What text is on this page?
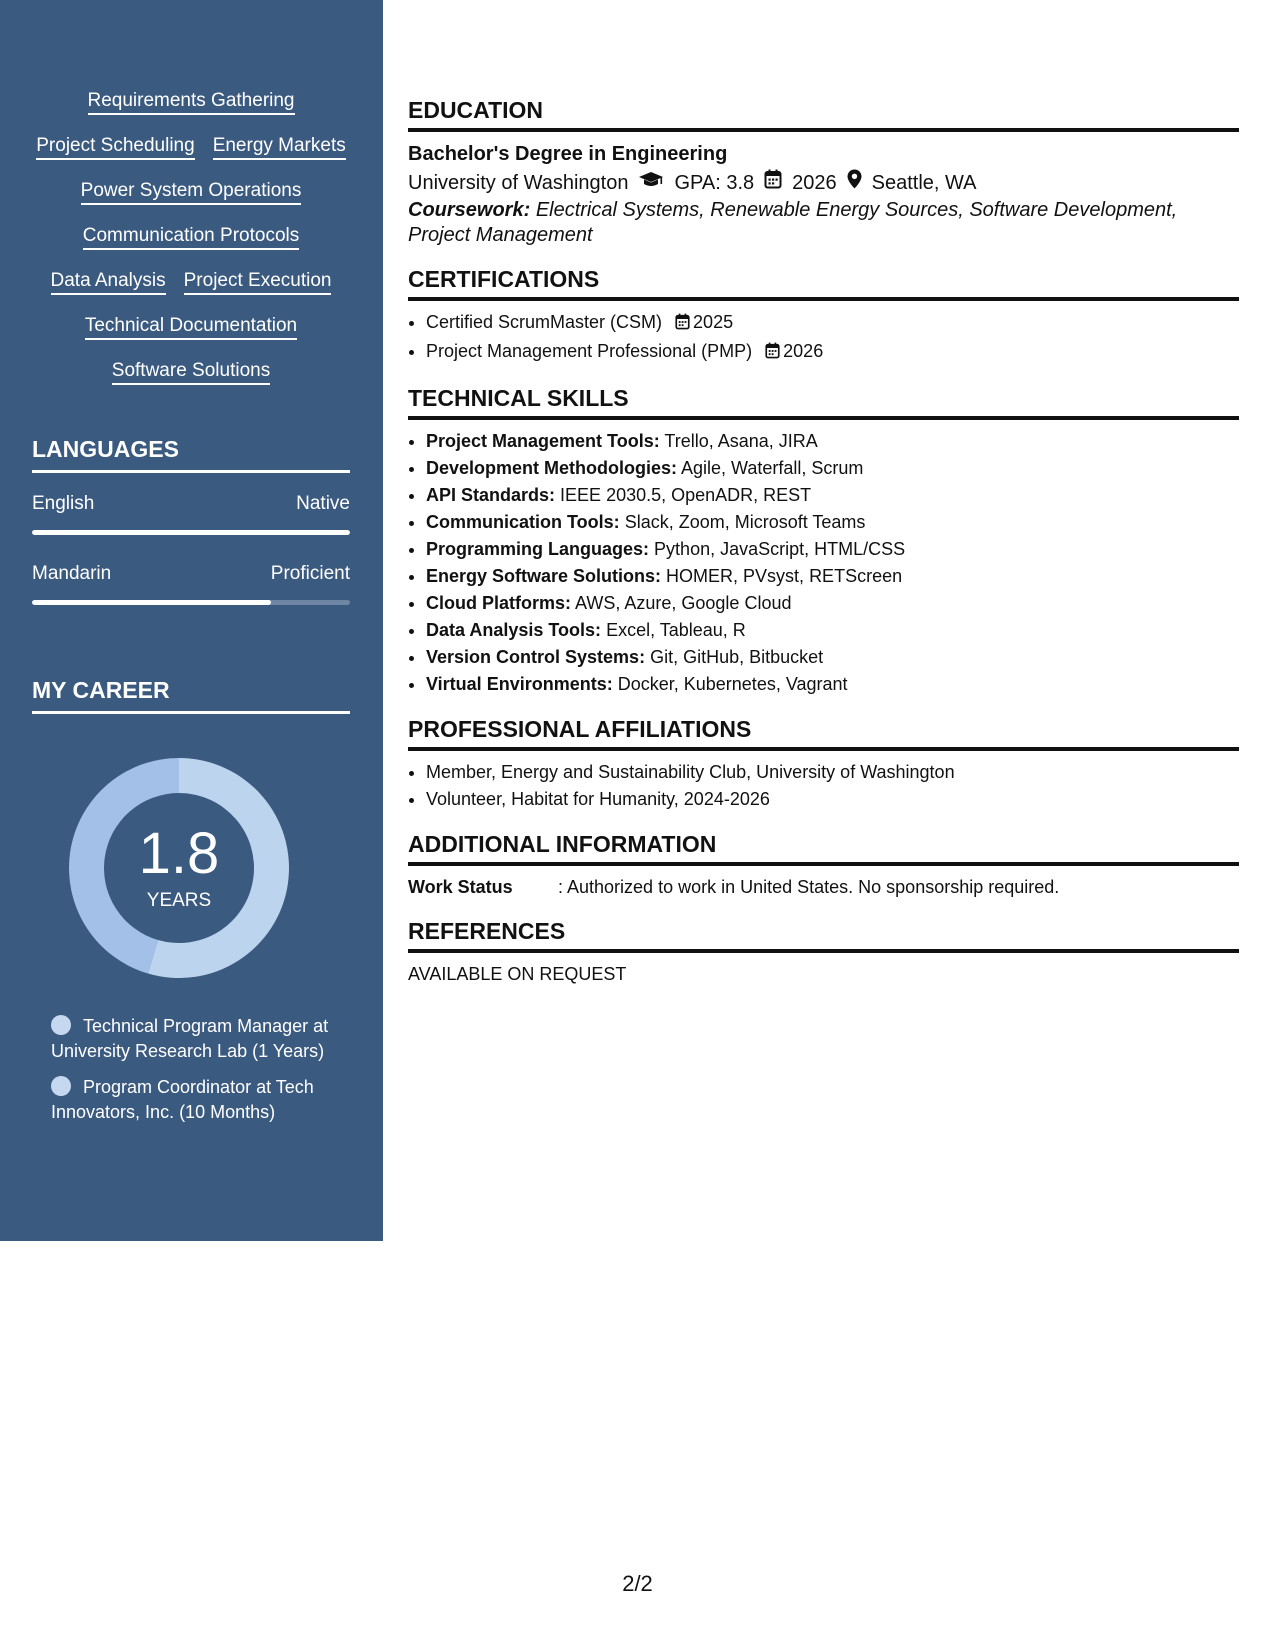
Requirements Gathering
Project Scheduling Energy Markets
Power System Operations
Communication Protocols
Data Analysis Project Execution
Technical Documentation
Software Solutions
LANGUAGES
English	Native
Mandarin	Proficient
MY CAREER
1.8
YEARS
Technical Program Manager at University Research Lab (1 Years)
Program Coordinator at Tech Innovators, Inc. (10 Months)
EDUCATION
Bachelor's Degree in Engineering
University of Washington GPA: 3.8 2026 Seattle, WA
Coursework: Electrical Systems, Renewable Energy Sources, Software Development, Project Management
CERTIFICATIONS
• Certified ScrumMaster (CSM) 2025
• Project Management Professional (PMP) 2026
TECHNICAL SKILLS
• Project Management Tools: Trello, Asana, JIRA
• Development Methodologies: Agile, Waterfall, Scrum
• API Standards: IEEE 2030.5, OpenADR, REST
• Communication Tools: Slack, Zoom, Microsoft Teams
• Programming Languages: Python, JavaScript, HTML/CSS
• Energy Software Solutions: HOMER, PVsyst, RETScreen
• Cloud Platforms: AWS, Azure, Google Cloud
• Data Analysis Tools: Excel, Tableau, R
• Version Control Systems: Git, GitHub, Bitbucket
• Virtual Environments: Docker, Kubernetes, Vagrant
PROFESSIONAL AFFILIATIONS
• Member, Energy and Sustainability Club, University of Washington
• Volunteer, Habitat for Humanity, 2024-2026
ADDITIONAL INFORMATION
Work Status	: Authorized to work in United States. No sponsorship required.
REFERENCES
AVAILABLE ON REQUEST
2/2
